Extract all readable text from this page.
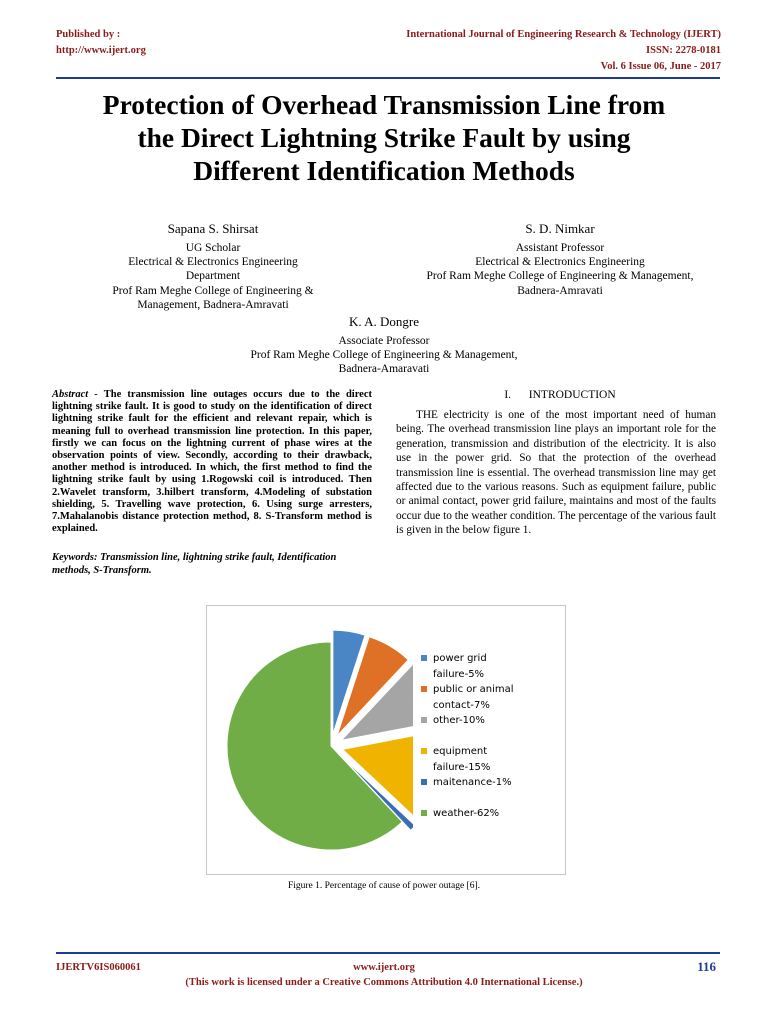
Published by :
http://www.ijert.org
International Journal of Engineering Research & Technology (IJERT)
ISSN: 2278-0181
Vol. 6 Issue 06, June - 2017
Protection of Overhead Transmission Line from
the Direct Lightning Strike Fault by using
Different Identification Methods
Sapana S. Shirsat
UG Scholar
Electrical & Electronics Engineering
Department
Prof Ram Meghe College of Engineering &
Management, Badnera-Amravati
S. D. Nimkar
Assistant Professor
Electrical & Electronics Engineering
Prof Ram Meghe College of Engineering & Management,
Badnera-Amravati
K. A. Dongre
Associate Professor
Prof Ram Meghe College of Engineering & Management,
Badnera-Amaravati
Abstract - The transmission line outages occurs due to the direct lightning strike fault. It is good to study on the identification of direct lightning strike fault for the efficient and relevant repair, which is meaning full to overhead transmission line protection. In this paper, firstly we can focus on the lightning current of phase wires at the observation points of view. Secondly, according to their drawback, another method is introduced. In which, the first method to find the lightning strike fault by using 1.Rogowski coil is introduced. Then 2.Wavelet transform, 3.hilbert transform, 4.Modeling of substation shielding, 5. Travelling wave protection, 6. Using surge arresters, 7.Mahalanobis distance protection method, 8. S-Transform method is explained.
Keywords: Transmission line, lightning strike fault, Identification methods, S-Transform.
I. INTRODUCTION

THE electricity is one of the most important need of human being. The overhead transmission line plays an important role for the generation, transmission and distribution of the electricity. It is also use in the power grid. So that the protection of the overhead transmission line is essential. The overhead transmission line may get affected due to the various reasons. Such as equipment failure, public or animal contact, power grid failure, maintains and most of the faults occur due to the weather condition. The percentage of the various fault is given in the below figure 1.

power grid
failure-5%
public or animal
contact-7%
other-10%
equipment
failure-15%
maitenance-1%
weather-62%
Figure 1. Percentage of cause of power outage [6].
IJERTV6IS060061	www.ijert.org	116
(This work is licensed under a Creative Commons Attribution 4.0 International License.)
